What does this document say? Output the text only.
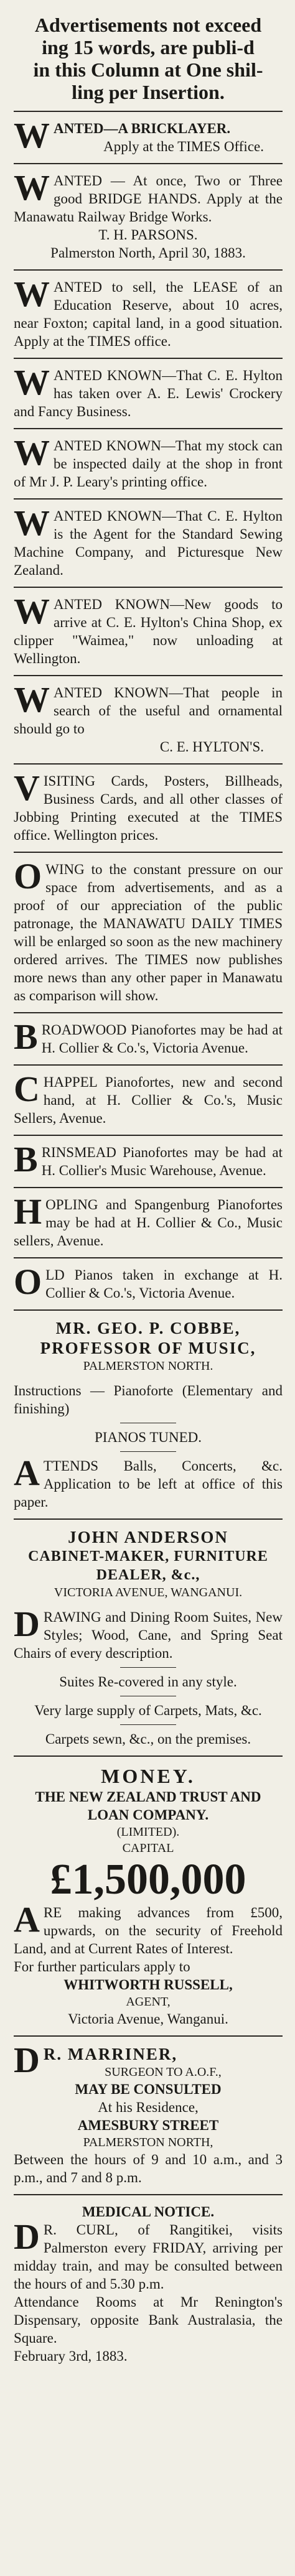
Advertisements not exceed
ing 15 words, are publi-d
in this Column at One shil-
ling per Insertion.
W ANTED—A BRICKLAYER.

Apply at the TIMES Office.

W ANTED — At once, Two or Three good BRIDGE HANDS. Apply at the Manawatu Railway Bridge Works.

T. H. PARSONS.

Palmerston North, April 30, 1883.

W ANTED to sell, the LEASE of an Education Reserve, about 10 acres, near Foxton; capital land, in a good situation. Apply at the TIMES office.

W ANTED KNOWN—That C. E. Hylton has taken over A. E. Lewis' Crockery and Fancy Business.

W ANTED KNOWN—That my stock can be inspected daily at the shop in front of Mr J. P. Leary's printing office.

W ANTED KNOWN—That C. E. Hylton is the Agent for the Standard Sewing Machine Company, and Picturesque New Zealand.

W ANTED KNOWN—New goods to arrive at C. E. Hylton's China Shop, ex clipper "Waimea," now unloading at Wellington.

W ANTED KNOWN—That people in search of the useful and ornamental should go to

C. E. HYLTON'S.

V ISITING Cards, Posters, Billheads, Business Cards, and all other classes of Jobbing Printing executed at the TIMES office. Wellington prices.

O WING to the constant pressure on our space from advertisements, and as a proof of our appreciation of the public patronage, the MANAWATU DAILY TIMES will be enlarged so soon as the new machinery ordered arrives. The TIMES now publishes more news than any other paper in Manawatu as comparison will show.

B ROADWOOD Pianofortes may be had at H. Collier & Co.'s, Victoria Avenue.

C HAPPEL Pianofortes, new and second hand, at H. Collier & Co.'s, Music Sellers, Avenue.

B RINSMEAD Pianofortes may be had at H. Collier's Music Warehouse, Avenue.

H OPLING and Spangenburg Pianofortes may be had at H. Collier & Co., Music sellers, Avenue.

O LD Pianos taken in exchange at H. Collier & Co.'s, Victoria Avenue.

MR. GEO. P. COBBE,

PROFESSOR OF MUSIC,

PALMERSTON NORTH.

Instructions — Pianoforte (Elementary and finishing)

PIANOS TUNED.

A TTENDS Balls, Concerts, &c. Application to be left at office of this paper.

JOHN ANDERSON

CABINET-MAKER, FURNITURE DEALER, &c.,

VICTORIA AVENUE, WANGANUI.

D RAWING and Dining Room Suites, New Styles; Wood, Cane, and Spring Seat Chairs of every description.

Suites Re-covered in any style.

Very large supply of Carpets, Mats, &c.

Carpets sewn, &c., on the premises.

MONEY.

THE NEW ZEALAND TRUST AND LOAN COMPANY.

(LIMITED).

CAPITAL

£1,500,000

A RE making advances from £500, upwards, on the security of Freehold Land, and at Current Rates of Interest.

For further particulars apply to

WHITWORTH RUSSELL,

AGENT,

Victoria Avenue, Wanganui.

D R. MARRINER,

SURGEON TO A.O.F.,

MAY BE CONSULTED

At his Residence,

AMESBURY STREET

PALMERSTON NORTH,

Between the hours of 9 and 10 a.m., and 3 p.m., and 7 and 8 p.m.

MEDICAL NOTICE.

D R. CURL, of Rangitikei, visits Palmerston every FRIDAY, arriving per midday train, and may be consulted between the hours of and 5.30 p.m.

Attendance Rooms at Mr Renington's Dispensary, opposite Bank Australasia, the Square.

February 3rd, 1883.
